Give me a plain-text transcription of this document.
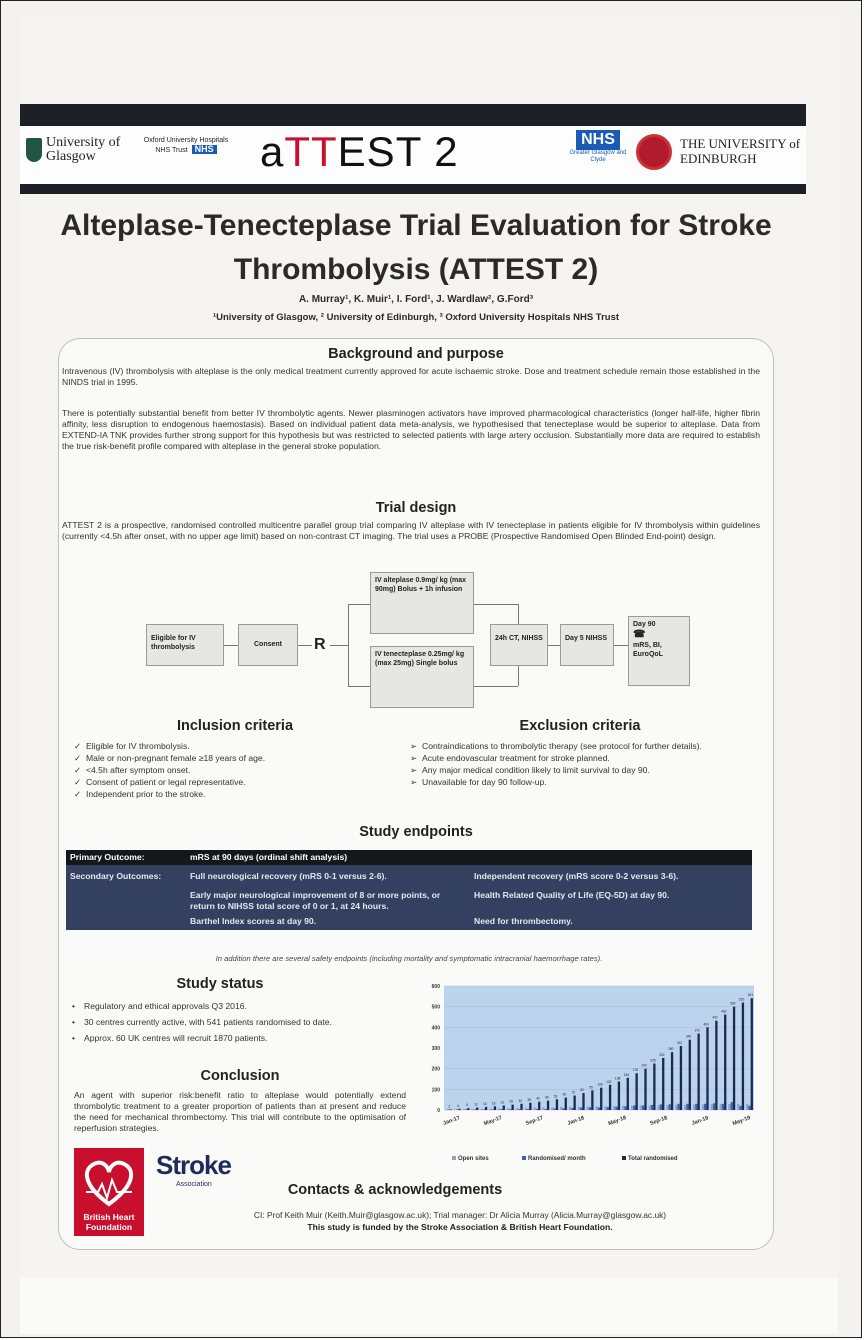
University of Glasgow
Oxford University Hospitals NHS Trust NHS	aTTEST 2	NHS
Greater Glasgow and Clyde
THE UNIVERSITY of EDINBURGH
Alteplase-Tenecteplase Trial Evaluation for Stroke Thrombolysis (ATTEST 2)
A. Murray¹, K. Muir¹, I. Ford¹, J. Wardlaw², G.Ford³
¹University of Glasgow, ² University of Edinburgh, ³ Oxford University Hospitals NHS Trust
Background and purpose
Intravenous (IV) thrombolysis with alteplase is the only medical treatment currently approved for acute ischaemic stroke. Dose and treatment schedule remain those established in the NINDS trial in 1995.
There is potentially substantial benefit from better IV thrombolytic agents. Newer plasminogen activators have improved pharmacological characteristics (longer half-life, higher fibrin affinity, less disruption to endogenous haemostasis). Based on individual patient data meta-analysis, we hypothesised that tenecteplase would be superior to alteplase. Data from EXTEND-IA TNK provides further strong support for this hypothesis but was restricted to selected patients with large artery occlusion. Substantially more data are required to establish the true risk-benefit profile compared with alteplase in the general stroke population.
Trial design
ATTEST 2 is a prospective, randomised controlled multicentre parallel group trial comparing IV alteplase with IV tenecteplase in patients eligible for IV thrombolysis within guidelines (currently <4.5h after onset, with no upper age limit) based on non-contrast CT imaging. The trial uses a PROBE (Prospective Randomised Open Blinded End-point) design.
Eligible for IV thrombolysis	Consent	R
IV alteplase 0.9mg/ kg (max 90mg) Bolus + 1h infusion
IV tenecteplase 0.25mg/ kg (max 25mg) Single bolus
24h CT, NIHSS	Day 5 NIHSS
Day 90
☎
mRS, BI, EuroQoL
Inclusion criteria
✓ Eligible for IV thrombolysis.
✓ Male or non-pregnant female ≥18 years of age.
✓ <4.5h after symptom onset.
✓ Consent of patient or legal representative.
✓ Independent prior to the stroke.
Exclusion criteria
➢ Contraindications to thrombolytic therapy (see protocol for further details).
➢ Acute endovascular treatment for stroke planned.
➢ Any major medical condition likely to limit survival to day 90.
➢ Unavailable for day 90 follow-up.
Study endpoints
Primary Outcome:	mRS at 90 days (ordinal shift analysis)	
Secondary Outcomes:	Full neurological recovery (mRS 0-1 versus 2-6).	Independent recovery (mRS score 0-2 versus 3-6).
	Early major neurological improvement of 8 or more points, or return to NIHSS total score of 0 or 1, at 24 hours.	Health Related Quality of Life (EQ-5D) at day 90.
	Barthel Index scores at day 90.	Need for thrombectomy.
In addition there are several safety endpoints (including mortality and symptomatic intracranial haemorrhage rates).
Study status
• Regulatory and ethical approvals Q3 2016.
• 30 centres currently active, with 541 patients randomised to date.
• Approx. 60 UK centres will recruit 1870 patients.
Conclusion
An agent with superior risk:benefit ratio to alteplase would potentially extend thrombolytic treatment to a greater proportion of patients than at present and reduce the need for mechanical thrombectomy. This trial will contribute to the optimisation of reperfusion strategies.
0
100
200
300
400
500
600
3 6 9 12 15 18 22 26 30 35 40 45 52 60
70
82
95
108
122
138
156
178
200
225
252
280
310
340
370
400
432
462
500
520
541
Jan-17	May-17	Sep-17	Jan-18	May-18	Sep-18	Jan-19	May-19
Open sites	Randomised/ month	Total randomised
British Heart Foundation
Stroke
Association	Contacts & acknowledgements
CI: Prof Keith Muir (Keith.Muir@glasgow.ac.uk); Trial manager: Dr Alicia Murray (Alicia.Murray@glasgow.ac.uk)
This study is funded by the Stroke Association & British Heart Foundation.
